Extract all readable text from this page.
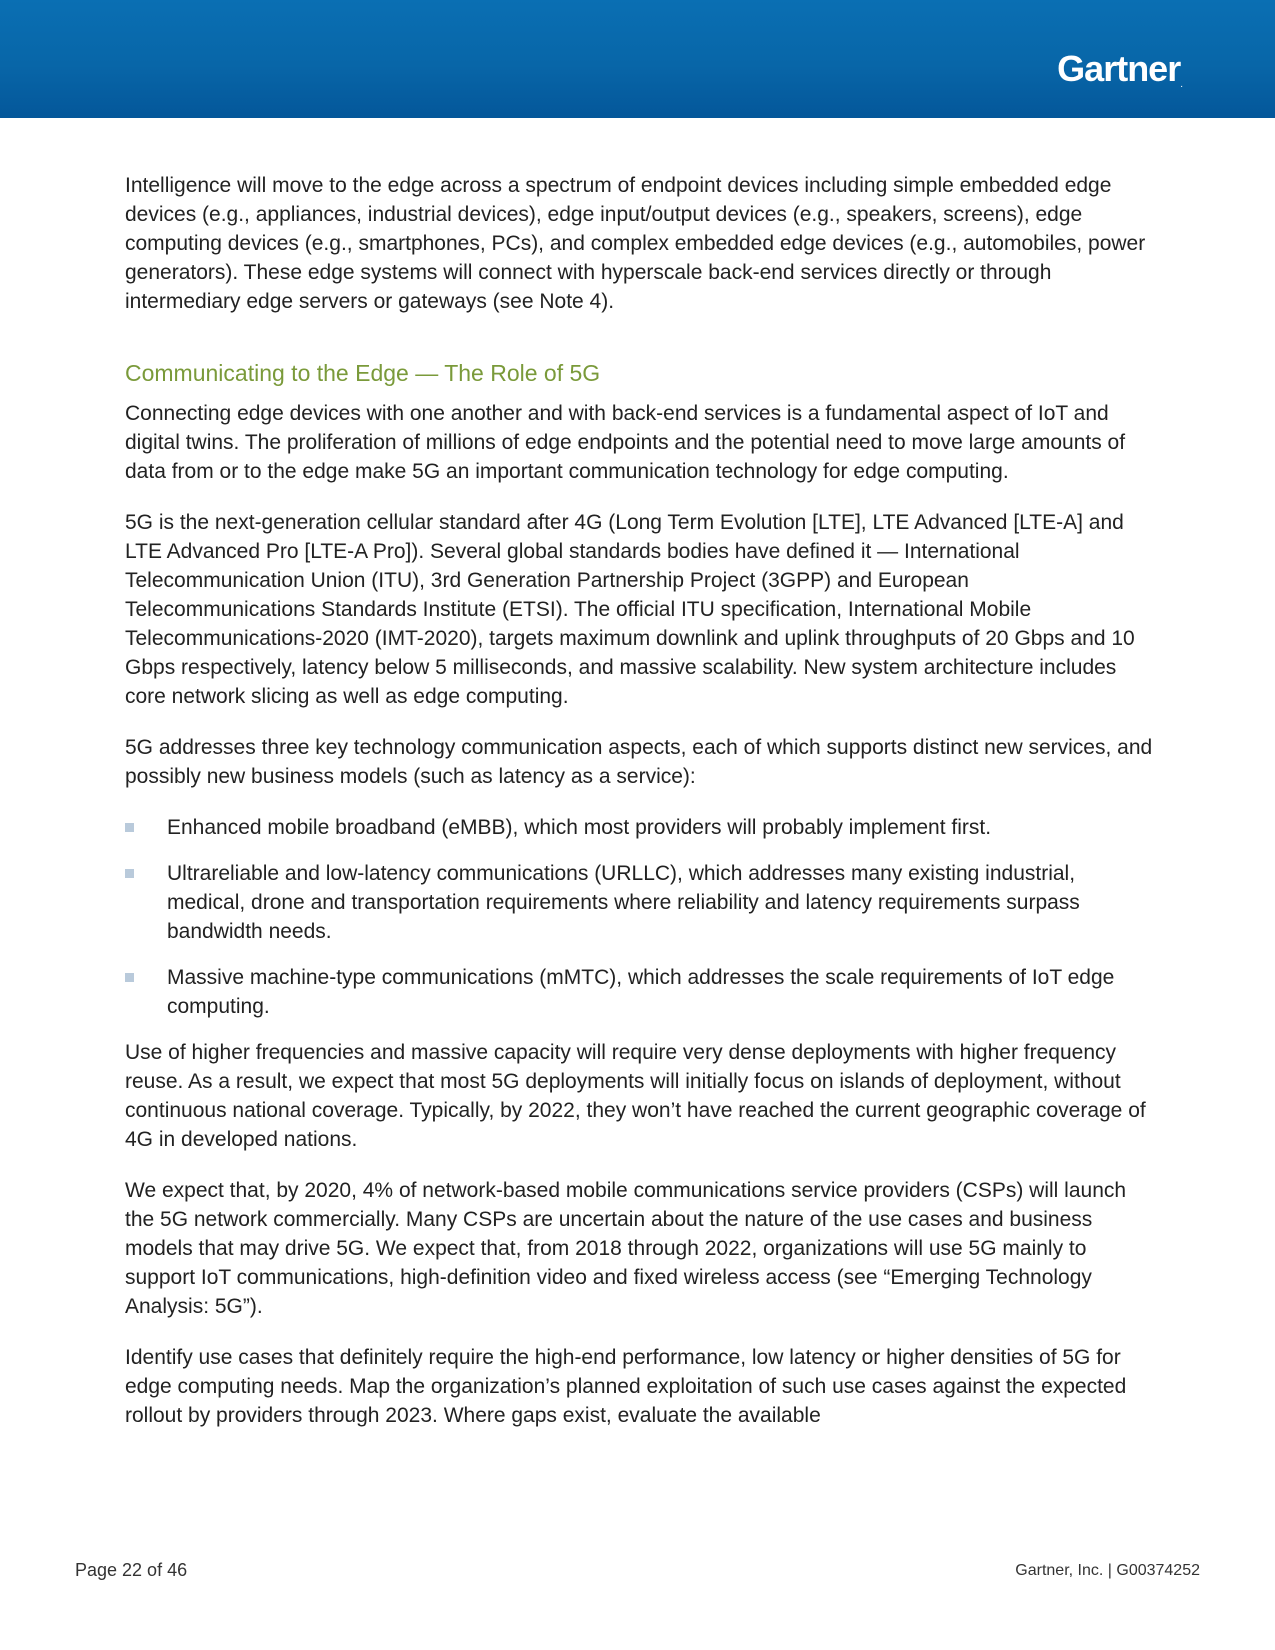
Gartner.

Intelligence will move to the edge across a spectrum of endpoint devices including simple embedded edge devices (e.g., appliances, industrial devices), edge input/output devices (e.g., speakers, screens), edge computing devices (e.g., smartphones, PCs), and complex embedded edge devices (e.g., automobiles, power generators). These edge systems will connect with hyperscale back-end services directly or through intermediary edge servers or gateways (see Note 4).

Communicating to the Edge — The Role of 5G

Connecting edge devices with one another and with back-end services is a fundamental aspect of IoT and digital twins. The proliferation of millions of edge endpoints and the potential need to move large amounts of data from or to the edge make 5G an important communication technology for edge computing.

5G is the next-generation cellular standard after 4G (Long Term Evolution [LTE], LTE Advanced [LTE-A] and LTE Advanced Pro [LTE-A Pro]). Several global standards bodies have defined it — International Telecommunication Union (ITU), 3rd Generation Partnership Project (3GPP) and European Telecommunications Standards Institute (ETSI). The official ITU specification, International Mobile Telecommunications-2020 (IMT-2020), targets maximum downlink and uplink throughputs of 20 Gbps and 10 Gbps respectively, latency below 5 milliseconds, and massive scalability. New system architecture includes core network slicing as well as edge computing.

5G addresses three key technology communication aspects, each of which supports distinct new services, and possibly new business models (such as latency as a service):

Enhanced mobile broadband (eMBB), which most providers will probably implement first.
Ultrareliable and low-latency communications (URLLC), which addresses many existing industrial, medical, drone and transportation requirements where reliability and latency requirements surpass bandwidth needs.
Massive machine-type communications (mMTC), which addresses the scale requirements of IoT edge computing.

Use of higher frequencies and massive capacity will require very dense deployments with higher frequency reuse. As a result, we expect that most 5G deployments will initially focus on islands of deployment, without continuous national coverage. Typically, by 2022, they won’t have reached the current geographic coverage of 4G in developed nations.

We expect that, by 2020, 4% of network-based mobile communications service providers (CSPs) will launch the 5G network commercially. Many CSPs are uncertain about the nature of the use cases and business models that may drive 5G. We expect that, from 2018 through 2022, organizations will use 5G mainly to support IoT communications, high-definition video and fixed wireless access (see “Emerging Technology Analysis: 5G”).

Identify use cases that definitely require the high-end performance, low latency or higher densities of 5G for edge computing needs. Map the organization’s planned exploitation of such use cases against the expected rollout by providers through 2023. Where gaps exist, evaluate the available

Page 22 of 46	Gartner, Inc. | G00374252
